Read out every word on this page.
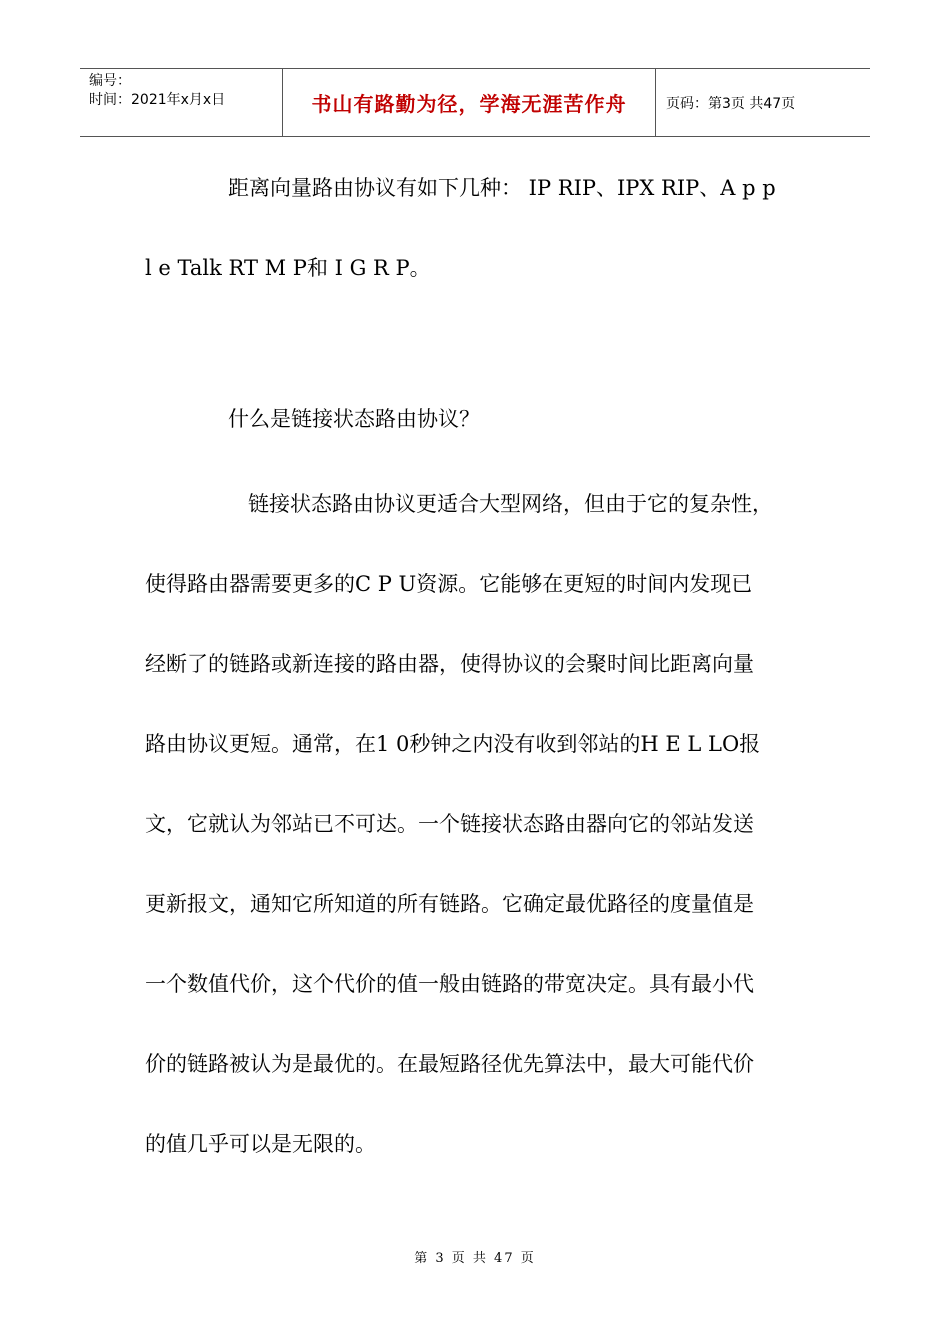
编号：
时间：2021年x月x日	书山有路勤为径，学海无涯苦作舟	页码：第3页 共47页
距离向量路由协议有如下几种： IP RIP、IPX RIP、A p p
l e Talk RT M P和 I G R P。
什么是链接状态路由协议？
链接状态路由协议更适合大型网络，但由于它的复杂性，
使得路由器需要更多的C P U资源。它能够在更短的时间内发现已
经断了的链路或新连接的路由器，使得协议的会聚时间比距离向量
路由协议更短。通常，在1 0秒钟之内没有收到邻站的H E L LO报
文，它就认为邻站已不可达。一个链接状态路由器向它的邻站发送
更新报文，通知它所知道的所有链路。它确定最优路径的度量值是
一个数值代价，这个代价的值一般由链路的带宽决定。具有最小代
价的链路被认为是最优的。在最短路径优先算法中，最大可能代价
的值几乎可以是无限的。
第 3 页 共 47 页
